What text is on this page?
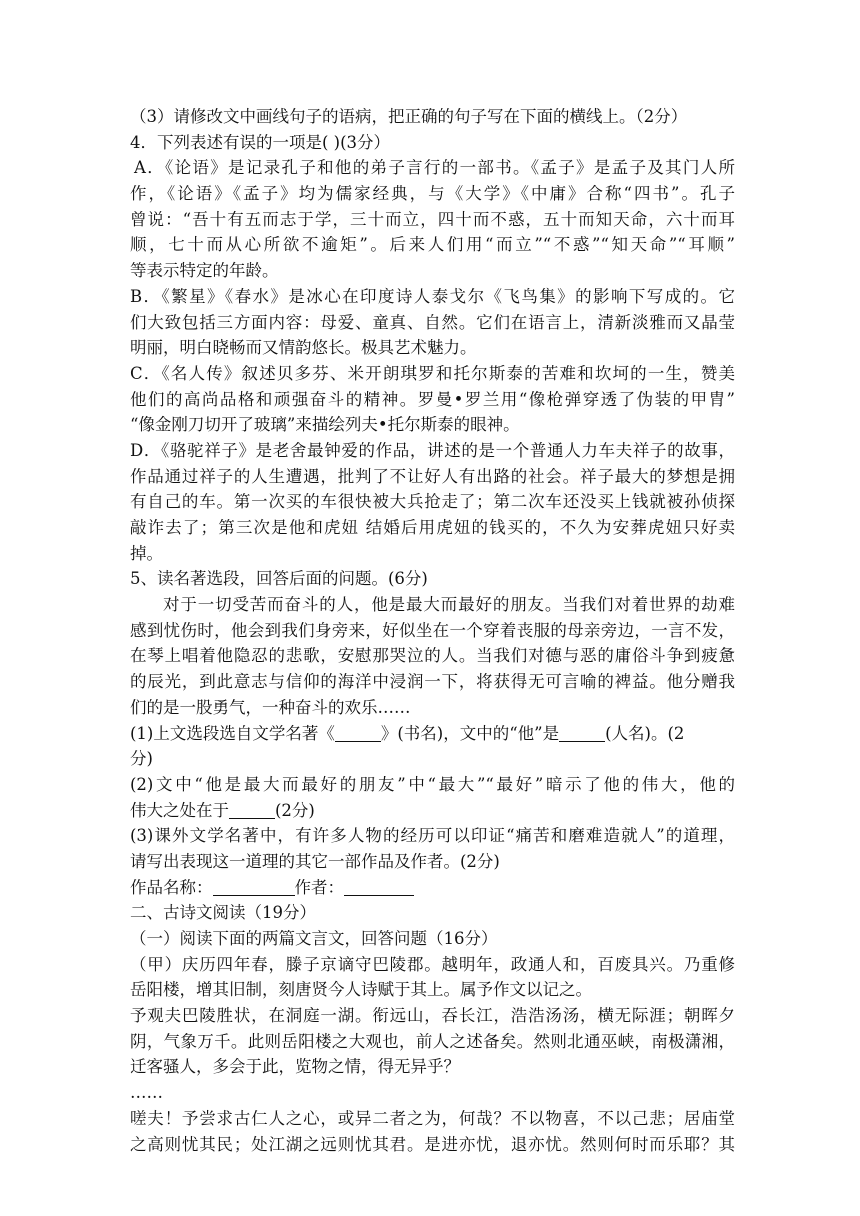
（3）请修改文中画线句子的语病，把正确的句子写在下面的横线上。（2分）
4．下列表述有误的一项是( )(3分）
A．《论语》是记录孔子和他的弟子言行的一部书。《孟子》是孟子及其门人所
作，《论语》《孟子》均为儒家经典，与《大学》《中庸》合称“四书”。孔子
曾说：“吾十有五而志于学，三十而立，四十而不惑，五十而知天命，六十而耳
顺，七十而从心所欲不逾矩”。后来人们用“而立”“不惑”“知天命”“耳顺”
等表示特定的年龄。
B．《繁星》《春水》是冰心在印度诗人泰戈尔《飞鸟集》的影响下写成的。它
们大致包括三方面内容：母爱、童真、自然。它们在语言上，清新淡雅而又晶莹
明丽，明白晓畅而又情韵悠长。极具艺术魅力。
C．《名人传》叙述贝多芬、米开朗琪罗和托尔斯泰的苦难和坎坷的一生，赞美
他们的高尚品格和顽强奋斗的精神。罗曼•罗兰用“像枪弹穿透了伪装的甲胄”
“像金刚刀切开了玻璃”来描绘列夫•托尔斯泰的眼神。
D．《骆驼祥子》是老舍最钟爱的作品，讲述的是一个普通人力车夫祥子的故事，
作品通过祥子的人生遭遇，批判了不让好人有出路的社会。祥子最大的梦想是拥
有自己的车。第一次买的车很快被大兵抢走了；第二次车还没买上钱就被孙侦探
敲诈去了；第三次是他和虎妞 结婚后用虎妞的钱买的，不久为安葬虎妞只好卖
掉。
5、读名著选段，回答后面的问题。(6分)
对于一切受苦而奋斗的人，他是最大而最好的朋友。当我们对着世界的劫难
感到忧伤时，他会到我们身旁来，好似坐在一个穿着丧服的母亲旁边，一言不发，
在琴上唱着他隐忍的悲歌，安慰那哭泣的人。当我们对德与恶的庸俗斗争到疲惫
的辰光，到此意志与信仰的海洋中浸润一下，将获得无可言喻的裨益。他分赠我
们的是一股勇气，一种奋斗的欢乐……
(1)上文选段选自文学名著《	》(书名)，文中的“他”是	(人名)。(2
分)
(2)文中“他是最大而最好的朋友”中“最大”“最好”暗示了他的伟大，他的
伟大之处在于	(2分)
(3)课外文学名著中，有许多人物的经历可以印证“痛苦和磨难造就人”的道理，
请写出表现这一道理的其它一部作品及作者。(2分)
作品名称：	作者：
二、古诗文阅读（19分）
（一）阅读下面的两篇文言文，回答问题（16分）
（甲）庆历四年春，滕子京谪守巴陵郡。越明年，政通人和，百废具兴。乃重修
岳阳楼，增其旧制，刻唐贤今人诗赋于其上。属予作文以记之。
予观夫巴陵胜状，在洞庭一湖。衔远山，吞长江，浩浩汤汤，横无际涯；朝晖夕
阴，气象万千。此则岳阳楼之大观也，前人之述备矣。然则北通巫峡，南极潇湘，
迁客骚人，多会于此，览物之情，得无异乎？
……
嗟夫！予尝求古仁人之心，或异二者之为，何哉？不以物喜，不以己悲；居庙堂
之高则忧其民；处江湖之远则忧其君。是进亦忧，退亦忧。然则何时而乐耶？其
